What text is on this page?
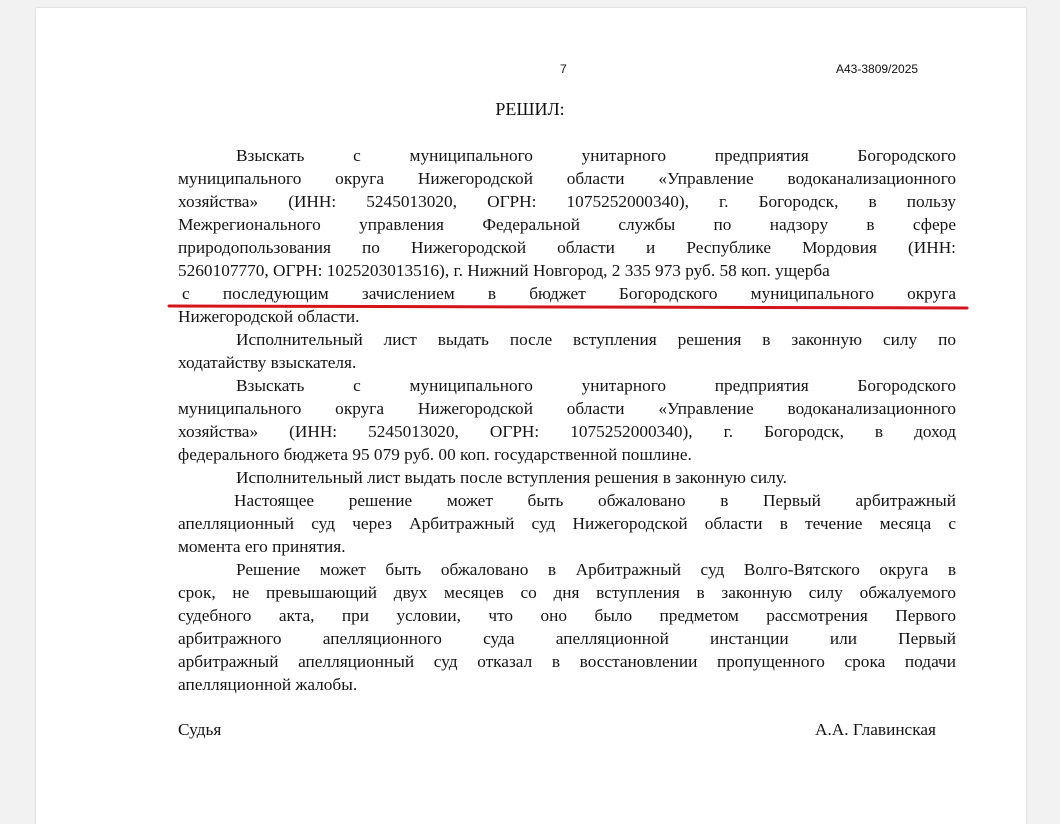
7	А43-3809/2025
РЕШИЛ:
Взыскать с муниципального унитарного предприятия Богородского
муниципального округа Нижегородской области «Управление водоканализационного
хозяйства» (ИНН: 5245013020, ОГРН: 1075252000340), г. Богородск, в пользу
Межрегионального управления Федеральной службы по надзору в сфере
природопользования по Нижегородской области и Республике Мордовия (ИНН:
5260107770, ОГРН: 1025203013516), г. Нижний Новгород, 2 335 973 руб. 58 коп. ущерба
с последующим зачислением в бюджет Богородского муниципального округа
Нижегородской области.
Исполнительный лист выдать после вступления решения в законную силу по
ходатайству взыскателя.
Взыскать с муниципального унитарного предприятия Богородского
муниципального округа Нижегородской области «Управление водоканализационного
хозяйства» (ИНН: 5245013020, ОГРН: 1075252000340), г. Богородск, в доход
федерального бюджета 95 079 руб. 00 коп. государственной пошлине.
Исполнительный лист выдать после вступления решения в законную силу.
Настоящее решение может быть обжаловано в Первый арбитражный
апелляционный суд через Арбитражный суд Нижегородской области в течение месяца с
момента его принятия.
Решение может быть обжаловано в Арбитражный суд Волго-Вятского округа в
срок, не превышающий двух месяцев со дня вступления в законную силу обжалуемого
судебного акта, при условии, что оно было предметом рассмотрения Первого
арбитражного апелляционного суда апелляционной инстанции или Первый
арбитражный апелляционный суд отказал в восстановлении пропущенного срока подачи
апелляционной жалобы.
Судья	А.А. Главинская
